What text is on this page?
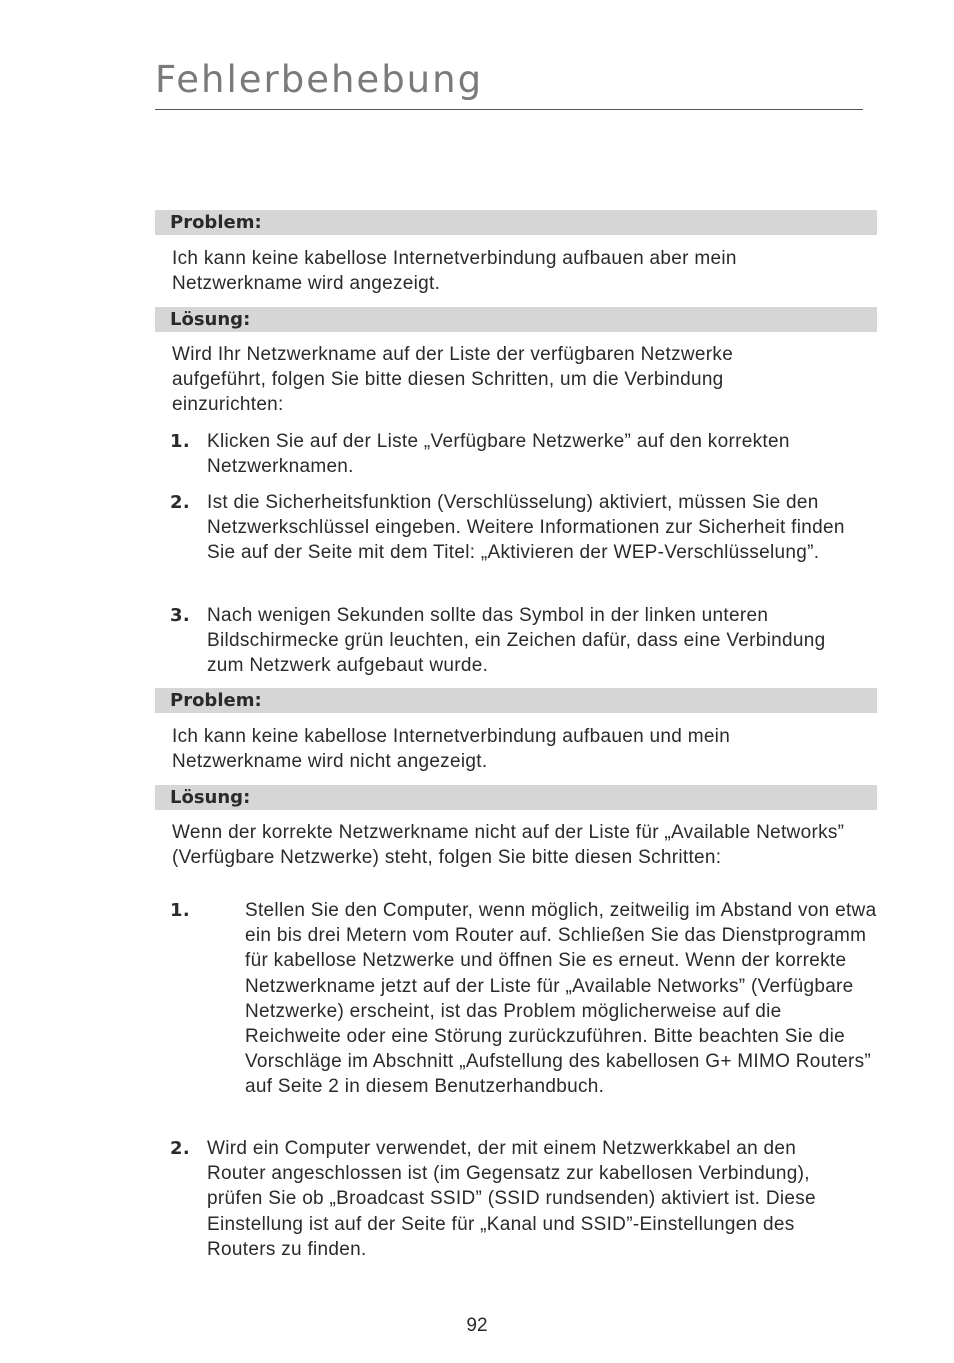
Fehlerbehebung
Problem:

Ich kann keine kabellose Internetverbindung aufbauen aber mein Netzwerkname wird angezeigt.

Lösung:

Wird Ihr Netzwerkname auf der Liste der verfügbaren Netzwerke aufgeführt, folgen Sie bitte diesen Schritten, um die Verbindung einzurichten:

1. Klicken Sie auf der Liste „Verfügbare Netzwerke” auf den korrekten Netzwerknamen.
2. Ist die Sicherheitsfunktion (Verschlüsselung) aktiviert, müssen Sie den Netzwerkschlüssel eingeben. Weitere Informationen zur Sicherheit finden Sie auf der Seite mit dem Titel: „Aktivieren der WEP-Verschlüsselung”.
3. Nach wenigen Sekunden sollte das Symbol in der linken unteren Bildschirmecke grün leuchten, ein Zeichen dafür, dass eine Verbindung zum Netzwerk aufgebaut wurde.
Problem:

Ich kann keine kabellose Internetverbindung aufbauen und mein Netzwerkname wird nicht angezeigt.

Lösung:

Wenn der korrekte Netzwerkname nicht auf der Liste für „Available Networks” (Verfügbare Netzwerke) steht, folgen Sie bitte diesen Schritten:

1.	Stellen Sie den Computer, wenn möglich, zeitweilig im Abstand von etwa ein bis drei Metern vom Router auf. Schließen Sie das Dienstprogramm für kabellose Netzwerke und öffnen Sie es erneut. Wenn der korrekte Netzwerkname jetzt auf der Liste für „Available Networks” (Verfügbare Netzwerke) erscheint, ist das Problem möglicherweise auf die Reichweite oder eine Störung zurückzuführen. Bitte beachten Sie die Vorschläge im Abschnitt „Aufstellung des kabellosen G+ MIMO Routers” auf Seite 2 in diesem Benutzerhandbuch.
2. Wird ein Computer verwendet, der mit einem Netzwerkkabel an den Router angeschlossen ist (im Gegensatz zur kabellosen Verbindung), prüfen Sie ob „Broadcast SSID” (SSID rundsenden) aktiviert ist. Diese Einstellung ist auf der Seite für „Kanal und SSID”-Einstellungen des Routers zu finden.
92
